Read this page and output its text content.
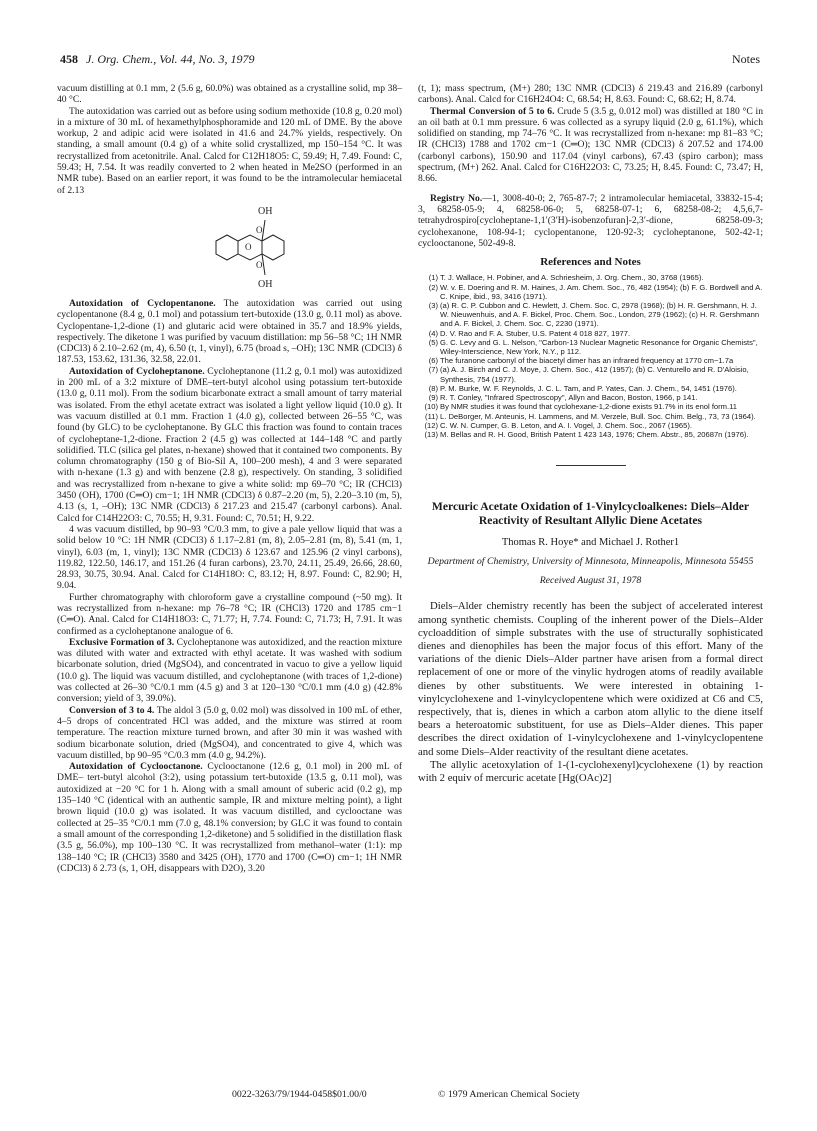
458 J. Org. Chem., Vol. 44, No. 3, 1979	Notes

vacuum distilling at 0.1 mm, 2 (5.6 g, 60.0%) was obtained as a crystalline solid, mp 38–40 °C.

The autoxidation was carried out as before using sodium methoxide (10.8 g, 0.20 mol) in a mixture of 30 mL of hexamethylphosphoramide and 120 mL of DME. By the above workup, 2 and adipic acid were isolated in 41.6 and 24.7% yields, respectively. On standing, a small amount (0.4 g) of a white solid crystallized, mp 150–154 °C. It was recrystallized from acetonitrile. Anal. Calcd for C12H18O5: C, 59.49; H, 7.49. Found: C, 59.43; H, 7.54. It was readily converted to 2 when heated in Me2SO (performed in an NMR tube). Based on an earlier report, it was found to be the intramolecular hemiacetal of 2.13

OH
OH
O
O
O

Autoxidation of Cyclopentanone. The autoxidation was carried out using cyclopentanone (8.4 g, 0.1 mol) and potassium tert-butoxide (13.0 g, 0.11 mol) as above. Cyclopentane-1,2-dione (1) and glutaric acid were obtained in 35.7 and 18.9% yields, respectively. The diketone 1 was purified by vacuum distillation: mp 56–58 °C; 1H NMR (CDCl3) δ 2.10–2.62 (m, 4), 6.50 (t, 1, vinyl), 6.75 (broad s, –OH); 13C NMR (CDCl3) δ 187.53, 153.62, 131.36, 32.58, 22.01.

Autoxidation of Cycloheptanone. Cycloheptanone (11.2 g, 0.1 mol) was autoxidized in 200 mL of a 3:2 mixture of DME–tert-butyl alcohol using potassium tert-butoxide (13.0 g, 0.11 mol). From the sodium bicarbonate extract a small amount of tarry material was isolated. From the ethyl acetate extract was isolated a light yellow liquid (10.0 g). It was vacuum distilled at 0.1 mm. Fraction 1 (4.0 g), collected between 26–55 °C, was found (by GLC) to be cycloheptanone. By GLC this fraction was found to contain traces of cycloheptane-1,2-dione. Fraction 2 (4.5 g) was collected at 144–148 °C and partly solidified. TLC (silica gel plates, n-hexane) showed that it contained two components. By column chromatography (150 g of Bio-Sil A, 100–200 mesh), 4 and 3 were separated with n-hexane (1.3 g) and with benzene (2.8 g), respectively. On standing, 3 solidified and was recrystallized from n-hexane to give a white solid: mp 69–70 °C; IR (CHCl3) 3450 (OH), 1700 (C═O) cm−1; 1H NMR (CDCl3) δ 0.87–2.20 (m, 5), 2.20–3.10 (m, 5), 4.13 (s, 1, –OH); 13C NMR (CDCl3) δ 217.23 and 215.47 (carbonyl carbons). Anal. Calcd for C14H22O3: C, 70.55; H, 9.31. Found: C, 70.51; H, 9.22.

4 was vacuum distilled, bp 90–93 °C/0.3 mm, to give a pale yellow liquid that was a solid below 10 °C: 1H NMR (CDCl3) δ 1.17–2.81 (m, 8), 2.05–2.81 (m, 8), 5.41 (m, 1, vinyl), 6.03 (m, 1, vinyl); 13C NMR (CDCl3) δ 123.67 and 125.96 (2 vinyl carbons), 119.82, 122.50, 146.17, and 151.26 (4 furan carbons), 23.70, 24.11, 25.49, 26.66, 28.60, 28.93, 30.75, 30.94. Anal. Calcd for C14H18O: C, 83.12; H, 8.97. Found: C, 82.90; H, 9.04.

Further chromatography with chloroform gave a crystalline compound (~50 mg). It was recrystallized from n-hexane: mp 76–78 °C; IR (CHCl3) 1720 and 1785 cm−1 (C═O). Anal. Calcd for C14H18O3: C, 71.77; H, 7.74. Found: C, 71.73; H, 7.91. It was confirmed as a cycloheptanone analogue of 6.

Exclusive Formation of 3. Cycloheptanone was autoxidized, and the reaction mixture was diluted with water and extracted with ethyl acetate. It was washed with sodium bicarbonate solution, dried (MgSO4), and concentrated in vacuo to give a yellow liquid (10.0 g). The liquid was vacuum distilled, and cycloheptanone (with traces of 1,2-dione) was collected at 26–30 °C/0.1 mm (4.5 g) and 3 at 120–130 °C/0.1 mm (4.0 g) (42.8% conversion; yield of 3, 39.0%).

Conversion of 3 to 4. The aldol 3 (5.0 g, 0.02 mol) was dissolved in 100 mL of ether, 4–5 drops of concentrated HCl was added, and the mixture was stirred at room temperature. The reaction mixture turned brown, and after 30 min it was washed with sodium bicarbonate solution, dried (MgSO4), and concentrated to give 4, which was vacuum distilled, bp 90–95 °C/0.3 mm (4.0 g, 94.2%).

Autoxidation of Cyclooctanone. Cyclooctanone (12.6 g, 0.1 mol) in 200 mL of DME– tert-butyl alcohol (3:2), using potassium tert-butoxide (13.5 g, 0.11 mol), was autoxidized at −20 °C for 1 h. Along with a small amount of suberic acid (0.2 g), mp 135–140 °C (identical with an authentic sample, IR and mixture melting point), a light brown liquid (10.0 g) was isolated. It was vacuum distilled, and cyclooctane was collected at 25–35 °C/0.1 mm (7.0 g, 48.1% conversion; by GLC it was found to contain a small amount of the corresponding 1,2-diketone) and 5 solidified in the distillation flask (3.5 g, 56.0%), mp 100–130 °C. It was recrystallized from methanol–water (1:1): mp 138–140 °C; IR (CHCl3) 3580 and 3425 (OH), 1770 and 1700 (C═O) cm−1; 1H NMR (CDCl3) δ 2.73 (s, 1, OH, disappears with D2O), 3.20

(t, 1); mass spectrum, (M+) 280; 13C NMR (CDCl3) δ 219.43 and 216.89 (carbonyl carbons). Anal. Calcd for C16H24O4: C, 68.54; H, 8.63. Found: C, 68.62; H, 8.74.

Thermal Conversion of 5 to 6. Crude 5 (3.5 g, 0.012 mol) was distilled at 180 °C in an oil bath at 0.1 mm pressure. 6 was collected as a syrupy liquid (2.0 g, 61.1%), which solidified on standing, mp 74–76 °C. It was recrystallized from n-hexane: mp 81–83 °C; IR (CHCl3) 1788 and 1702 cm−1 (C═O); 13C NMR (CDCl3) δ 207.52 and 174.00 (carbonyl carbons), 150.90 and 117.04 (vinyl carbons), 67.43 (spiro carbon); mass spectrum, (M+) 262. Anal. Calcd for C16H22O3: C, 73.25; H, 8.45. Found: C, 73.47; H, 8.66.

Registry No.—1, 3008-40-0; 2, 765-87-7; 2 intramolecular hemiacetal, 33832-15-4; 3, 68258-05-9; 4, 68258-06-0; 5, 68258-07-1; 6, 68258-08-2; 4,5,6,7-tetrahydrospiro[cycloheptane-1,1′(3′H)-isobenzofuran]-2,3′-dione, 68258-09-3; cyclohexanone, 108-94-1; cyclopentanone, 120-92-3; cycloheptanone, 502-42-1; cyclooctanone, 502-49-8.

References and Notes
(1) T. J. Wallace, H. Pobiner, and A. Schriesheim, J. Org. Chem., 30, 3768 (1965).
(2) W. v. E. Doering and R. M. Haines, J. Am. Chem. Soc., 76, 482 (1954); (b) F. G. Bordwell and A. C. Knipe, ibid., 93, 3416 (1971).
(3) (a) R. C. P. Cubbon and C. Hewlett, J. Chem. Soc. C, 2978 (1968); (b) H. R. Gershmann, H. J. W. Nieuwenhuis, and A. F. Bickel, Proc. Chem. Soc., London, 279 (1962); (c) H. R. Gershmann and A. F. Bickel, J. Chem. Soc. C, 2230 (1971).
(4) D. V. Rao and F. A. Stuber, U.S. Patent 4 018 827, 1977.
(5) G. C. Levy and G. L. Nelson, "Carbon-13 Nuclear Magnetic Resonance for Organic Chemists", Wiley-Interscience, New York, N.Y., p 112.
(6) The furanone carbonyl of the biacetyl dimer has an infrared frequency at 1770 cm−1.7a
(7) (a) A. J. Birch and C. J. Moye, J. Chem. Soc., 412 (1957); (b) C. Venturello and R. D'Aloisio, Synthesis, 754 (1977).
(8) P. M. Burke, W. F. Reynolds, J. C. L. Tam, and P. Yates, Can. J. Chem., 54, 1451 (1976).
(9) R. T. Conley, "Infrared Spectroscopy", Allyn and Bacon, Boston, 1966, p 141.
(10) By NMR studies it was found that cyclohexane-1,2-dione exists 91.7% in its enol form.11
(11) L. DeBorger, M. Anteunis, H. Lammens, and M. Verzele, Bull. Soc. Chim. Belg., 73, 73 (1964).
(12) C. W. N. Cumper, G. B. Leton, and A. I. Vogel, J. Chem. Soc., 2067 (1965).
(13) M. Bellas and R. H. Good, British Patent 1 423 143, 1976; Chem. Abstr., 85, 20687n (1976).
Mercuric Acetate Oxidation of 1-Vinylcycloalkenes: Diels–Alder Reactivity of Resultant Allylic Diene Acetates
Thomas R. Hoye* and Michael J. Rother1
Department of Chemistry, University of Minnesota, Minneapolis, Minnesota 55455
Received August 31, 1978

Diels–Alder chemistry recently has been the subject of accelerated interest among synthetic chemists. Coupling of the inherent power of the Diels–Alder cycloaddition of simple substrates with the use of structurally sophisticated dienes and dienophiles has been the major focus of this effort. Many of the variations of the dienic Diels–Alder partner have arisen from a formal direct replacement of one or more of the vinylic hydrogen atoms of readily available dienes by other substituents. We were interested in obtaining 1-vinylcyclohexene and 1-vinylcyclopentene which were oxidized at C6 and C5, respectively, that is, dienes in which a carbon atom allylic to the diene itself bears a heteroatomic substituent, for use as Diels–Alder dienes. This paper describes the direct oxidation of 1-vinylcyclohexene and 1-vinylcyclopentene and some Diels–Alder reactivity of the resultant diene acetates.

The allylic acetoxylation of 1-(1-cyclohexenyl)cyclohexene (1) by reaction with 2 equiv of mercuric acetate [Hg(OAc)2]

0022-3263/79/1944-0458$01.00/0	© 1979 American Chemical Society
